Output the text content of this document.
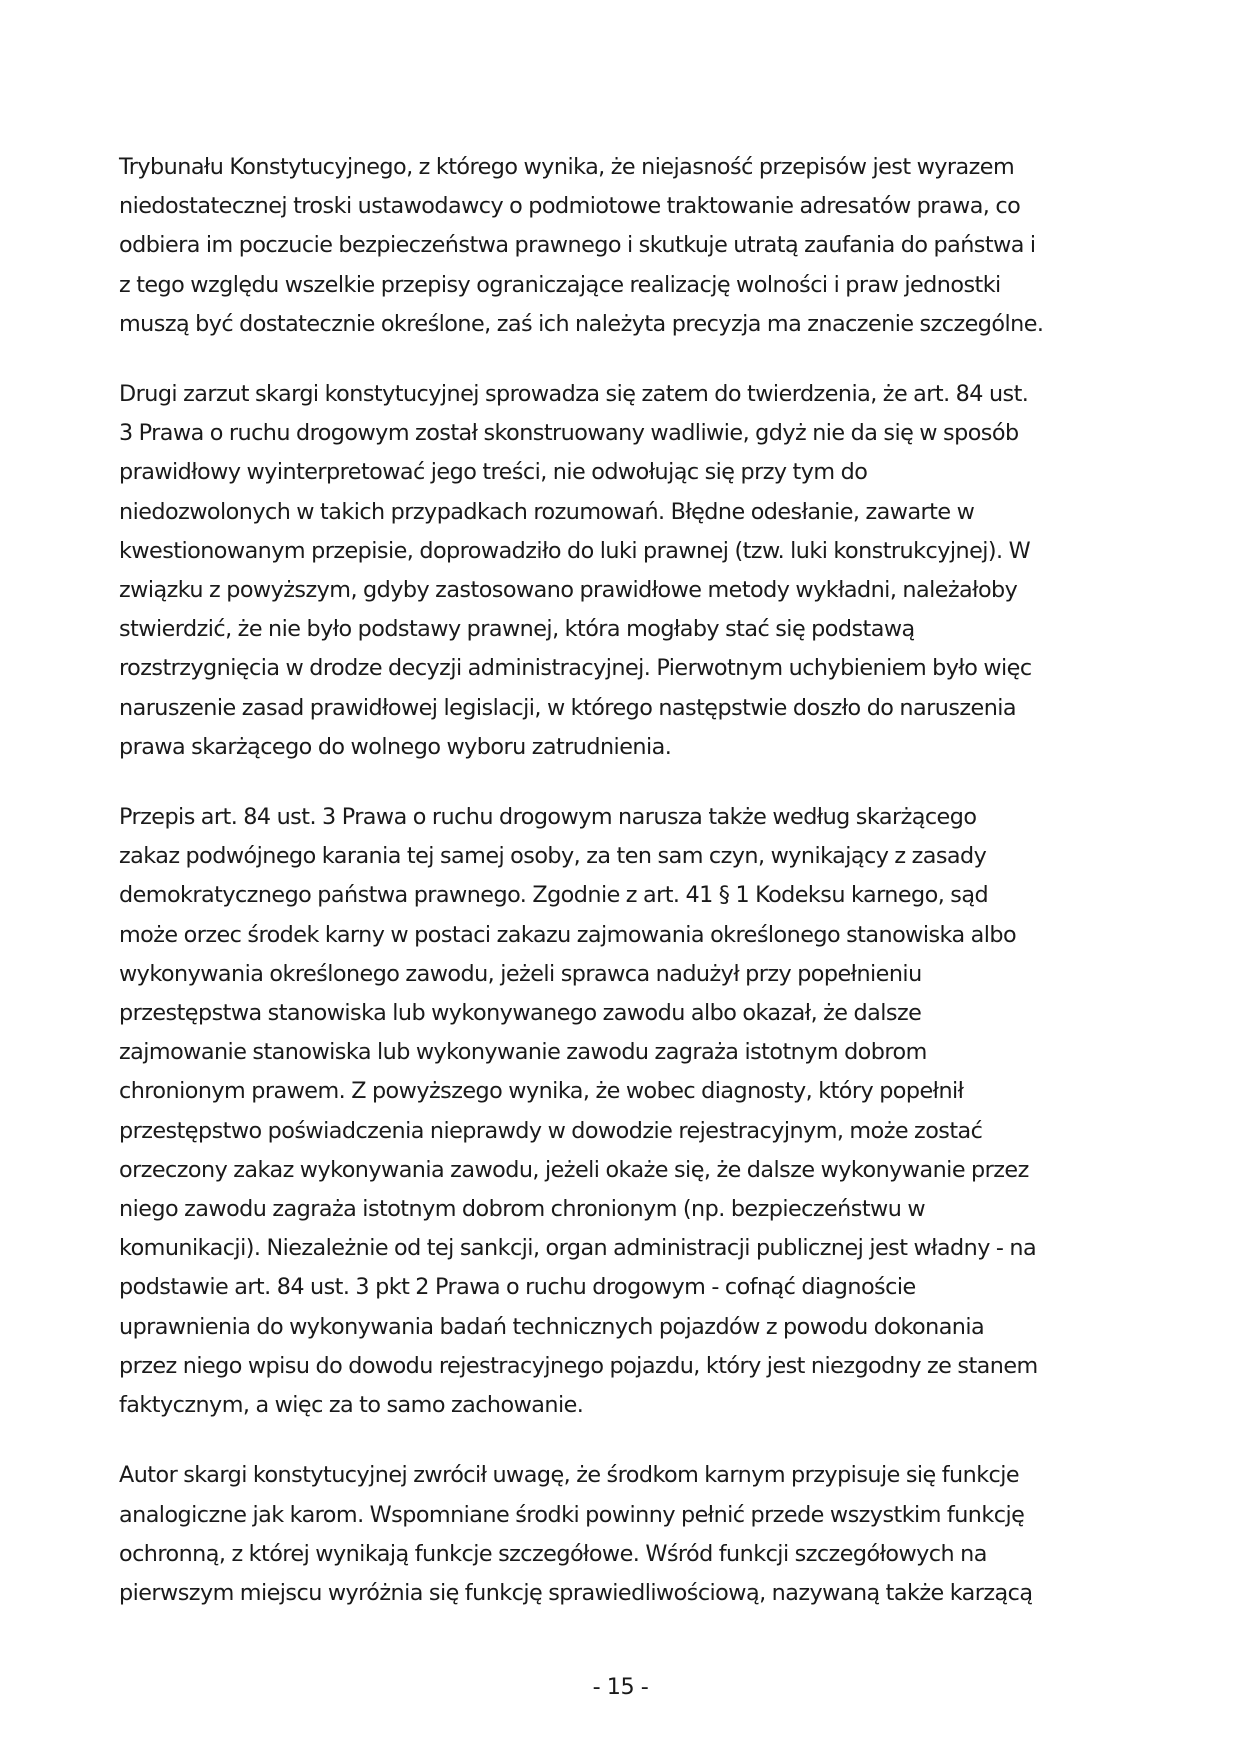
Trybunału Konstytucyjnego, z którego wynika, że niejasność przepisów jest wyrazem
niedostatecznej troski ustawodawcy o podmiotowe traktowanie adresatów prawa, co
odbiera im poczucie bezpieczeństwa prawnego i skutkuje utratą zaufania do państwa i
z tego względu wszelkie przepisy ograniczające realizację wolności i praw jednostki
muszą być dostatecznie określone, zaś ich należyta precyzja ma znaczenie szczególne.

Drugi zarzut skargi konstytucyjnej sprowadza się zatem do twierdzenia, że art. 84 ust.
3 Prawa o ruchu drogowym został skonstruowany wadliwie, gdyż nie da się w sposób
prawidłowy wyinterpretować jego treści, nie odwołując się przy tym do
niedozwolonych w takich przypadkach rozumowań. Błędne odesłanie, zawarte w
kwestionowanym przepisie, doprowadziło do luki prawnej (tzw. luki konstrukcyjnej). W
związku z powyższym, gdyby zastosowano prawidłowe metody wykładni, należałoby
stwierdzić, że nie było podstawy prawnej, która mogłaby stać się podstawą
rozstrzygnięcia w drodze decyzji administracyjnej. Pierwotnym uchybieniem było więc
naruszenie zasad prawidłowej legislacji, w którego następstwie doszło do naruszenia
prawa skarżącego do wolnego wyboru zatrudnienia.

Przepis art. 84 ust. 3 Prawa o ruchu drogowym narusza także według skarżącego
zakaz podwójnego karania tej samej osoby, za ten sam czyn, wynikający z zasady
demokratycznego państwa prawnego. Zgodnie z art. 41 § 1 Kodeksu karnego, sąd
może orzec środek karny w postaci zakazu zajmowania określonego stanowiska albo
wykonywania określonego zawodu, jeżeli sprawca nadużył przy popełnieniu
przestępstwa stanowiska lub wykonywanego zawodu albo okazał, że dalsze
zajmowanie stanowiska lub wykonywanie zawodu zagraża istotnym dobrom
chronionym prawem. Z powyższego wynika, że wobec diagnosty, który popełnił
przestępstwo poświadczenia nieprawdy w dowodzie rejestracyjnym, może zostać
orzeczony zakaz wykonywania zawodu, jeżeli okaże się, że dalsze wykonywanie przez
niego zawodu zagraża istotnym dobrom chronionym (np. bezpieczeństwu w
komunikacji). Niezależnie od tej sankcji, organ administracji publicznej jest władny - na
podstawie art. 84 ust. 3 pkt 2 Prawa o ruchu drogowym - cofnąć diagnoście
uprawnienia do wykonywania badań technicznych pojazdów z powodu dokonania
przez niego wpisu do dowodu rejestracyjnego pojazdu, który jest niezgodny ze stanem
faktycznym, a więc za to samo zachowanie.

Autor skargi konstytucyjnej zwrócił uwagę, że środkom karnym przypisuje się funkcje
analogiczne jak karom. Wspomniane środki powinny pełnić przede wszystkim funkcję
ochronną, z której wynikają funkcje szczegółowe. Wśród funkcji szczegółowych na
pierwszym miejscu wyróżnia się funkcję sprawiedliwościową, nazywaną także karzącą

- 15 -
